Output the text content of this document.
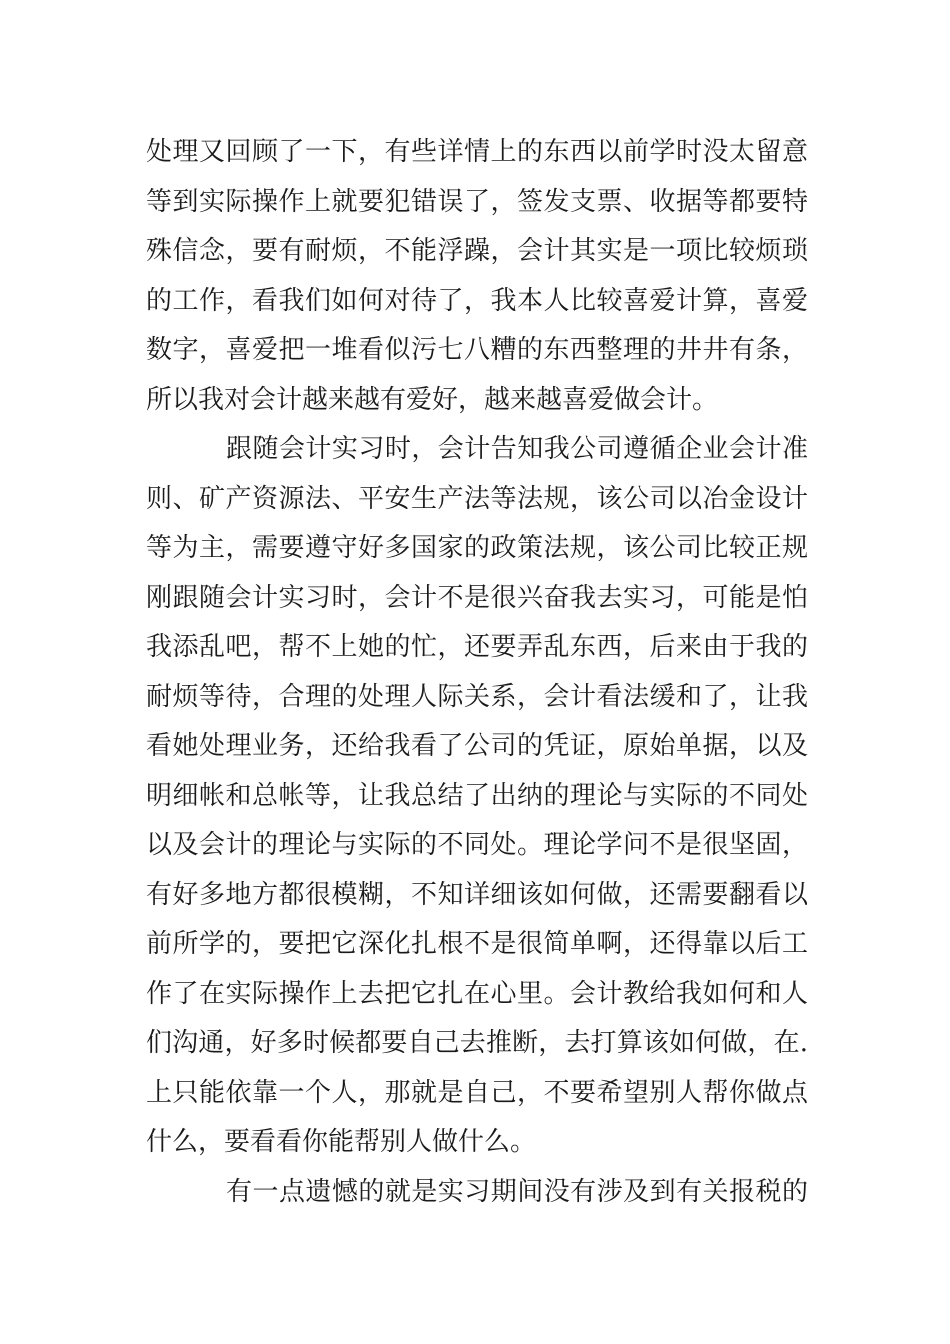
处理又回顾了一下，有些详情上的东西以前学时没太留意
等到实际操作上就要犯错误了，签发支票、收据等都要特
殊信念，要有耐烦，不能浮躁，会计其实是一项比较烦琐
的工作，看我们如何对待了，我本人比较喜爱计算，喜爱
数字，喜爱把一堆看似污七八糟的东西整理的井井有条，
所以我对会计越来越有爱好，越来越喜爱做会计。
跟随会计实习时，会计告知我公司遵循企业会计准
则、矿产资源法、平安生产法等法规，该公司以冶金设计
等为主，需要遵守好多国家的政策法规，该公司比较正规
刚跟随会计实习时，会计不是很兴奋我去实习，可能是怕
我添乱吧，帮不上她的忙，还要弄乱东西，后来由于我的
耐烦等待，合理的处理人际关系，会计看法缓和了，让我
看她处理业务，还给我看了公司的凭证，原始单据，以及
明细帐和总帐等，让我总结了出纳的理论与实际的不同处
以及会计的理论与实际的不同处。理论学问不是很坚固，
有好多地方都很模糊，不知详细该如何做，还需要翻看以
前所学的，要把它深化扎根不是很简单啊，还得靠以后工
作了在实际操作上去把它扎在心里。会计教给我如何和人
们沟通，好多时候都要自己去推断，去打算该如何做，在.
上只能依靠一个人，那就是自己，不要希望别人帮你做点
什么，要看看你能帮别人做什么。
有一点遗憾的就是实习期间没有涉及到有关报税的
